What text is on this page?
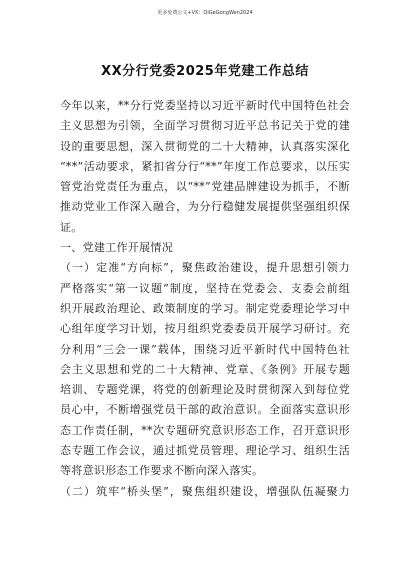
更多免费公文+VX：QiGeGongWen2024
XX分行党委2025年党建工作总结
今年以来，**分行党委坚持以习近平新时代中国特色社会
主义思想为引领，全面学习贯彻习近平总书记关于党的建
设的重要思想，深入贯彻党的二十大精神，认真落实深化
“**”活动要求，紧扣省分行“**”年度工作总要求，以压实
管党治党责任为重点，以“**”党建品牌建设为抓手，不断
推动党业工作深入融合，为分行稳健发展提供坚强组织保
证。
一、党建工作开展情况
（一）定准“方向标”，聚焦政治建设，提升思想引领力
严格落实“第一议题”制度，坚持在党委会、支委会前组
织开展政治理论、政策制度的学习。制定党委理论学习中
心组年度学习计划，按月组织党委委员开展学习研讨。充
分利用“三会一课”载体，围绕习近平新时代中国特色社
会主义思想和党的二十大精神、党章、《条例》开展专题
培训、专题党课，将党的创新理论及时贯彻深入到每位党
员心中，不断增强党员干部的政治意识。全面落实意识形
态工作责任制，**次专题研究意识形态工作，召开意识形
态专题工作会议，通过抓党员管理、理论学习、组织生活
等将意识形态工作要求不断向深入落实。
（二）筑牢“桥头堡”，聚焦组织建设，增强队伍凝聚力
